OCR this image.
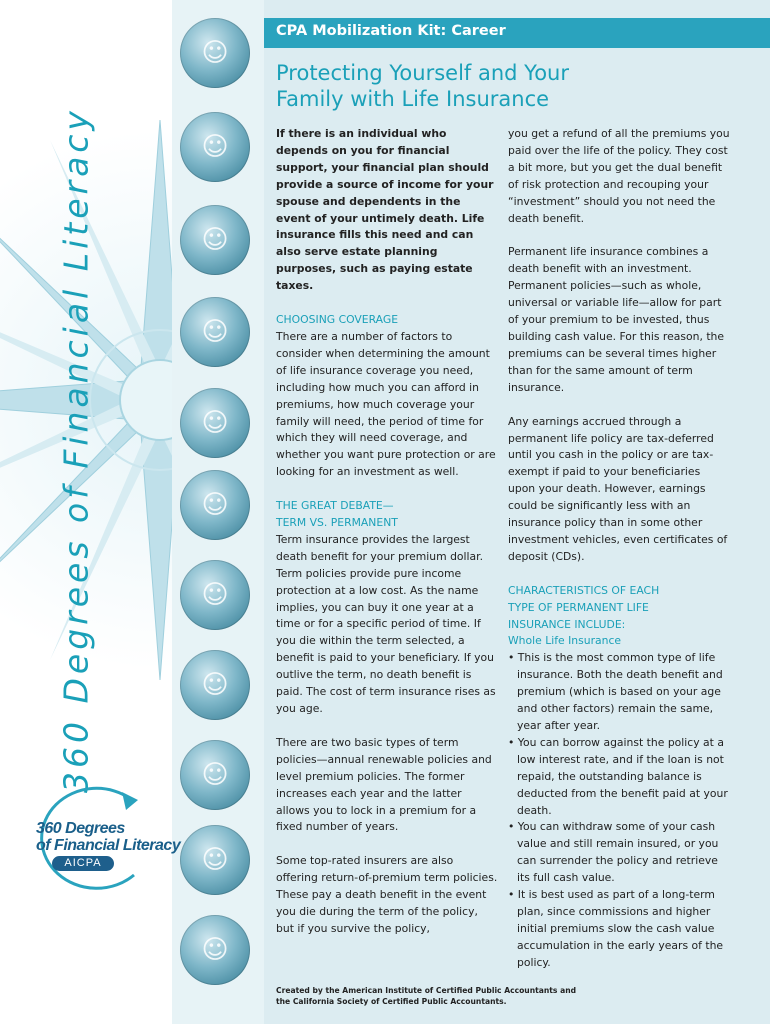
360 Degrees of Financial Literacy
☺
☺
☺
☺
☺
☺
☺
☺
☺
☺
☺
360 Degrees
of Financial Literacy
AICPA
CPA Mobilization Kit: Career
Protecting Yourself and Your
Family with Life Insurance

If there is an individual who depends on you for financial support, your financial plan should provide a source of income for your spouse and dependents in the event of your untimely death. Life insurance fills this need and can also serve estate planning purposes, such as paying estate taxes.

CHOOSING COVERAGE

There are a number of factors to consider when determining the amount of life insurance coverage you need, including how much you can afford in premiums, how much coverage your family will need, the period of time for which they will need coverage, and whether you want pure protection or are looking for an investment as well.

THE GREAT DEBATE—
TERM VS. PERMANENT

Term insurance provides the largest death benefit for your premium dollar. Term policies provide pure income protection at a low cost. As the name implies, you can buy it one year at a time or for a specific period of time. If you die within the term selected, a benefit is paid to your beneficiary. If you outlive the term, no death benefit is paid. The cost of term insurance rises as you age.

There are two basic types of term policies—annual renewable policies and level premium policies. The former increases each year and the latter allows you to lock in a premium for a fixed number of years.

Some top-rated insurers are also offering return-of-premium term policies. These pay a death benefit in the event you die during the term of the policy, but if you survive the policy,

you get a refund of all the premiums you paid over the life of the policy. They cost a bit more, but you get the dual benefit of risk protection and recouping your “investment” should you not need the death benefit.

Permanent life insurance combines a death benefit with an investment. Permanent policies—such as whole, universal or variable life—allow for part of your premium to be invested, thus building cash value. For this reason, the premiums can be several times higher than for the same amount of term insurance.

Any earnings accrued through a permanent life policy are tax-deferred until you cash in the policy or are tax-exempt if paid to your beneficiaries upon your death. However, earnings could be significantly less with an insurance policy than in some other investment vehicles, even certificates of deposit (CDs).

CHARACTERISTICS OF EACH
TYPE OF PERMANENT LIFE
INSURANCE INCLUDE:
Whole Life Insurance
• This is the most common type of life insurance. Both the death benefit and premium (which is based on your age and other factors) remain the same, year after year.
• You can borrow against the policy at a low interest rate, and if the loan is not repaid, the outstanding balance is deducted from the benefit paid at your death.
• You can withdraw some of your cash value and still remain insured, or you can surrender the policy and retrieve its full cash value.
• It is best used as part of a long-term plan, since commissions and higher initial premiums slow the cash value accumulation in the early years of the policy.
Created by the American Institute of Certified Public Accountants and
the California Society of Certified Public Accountants.
